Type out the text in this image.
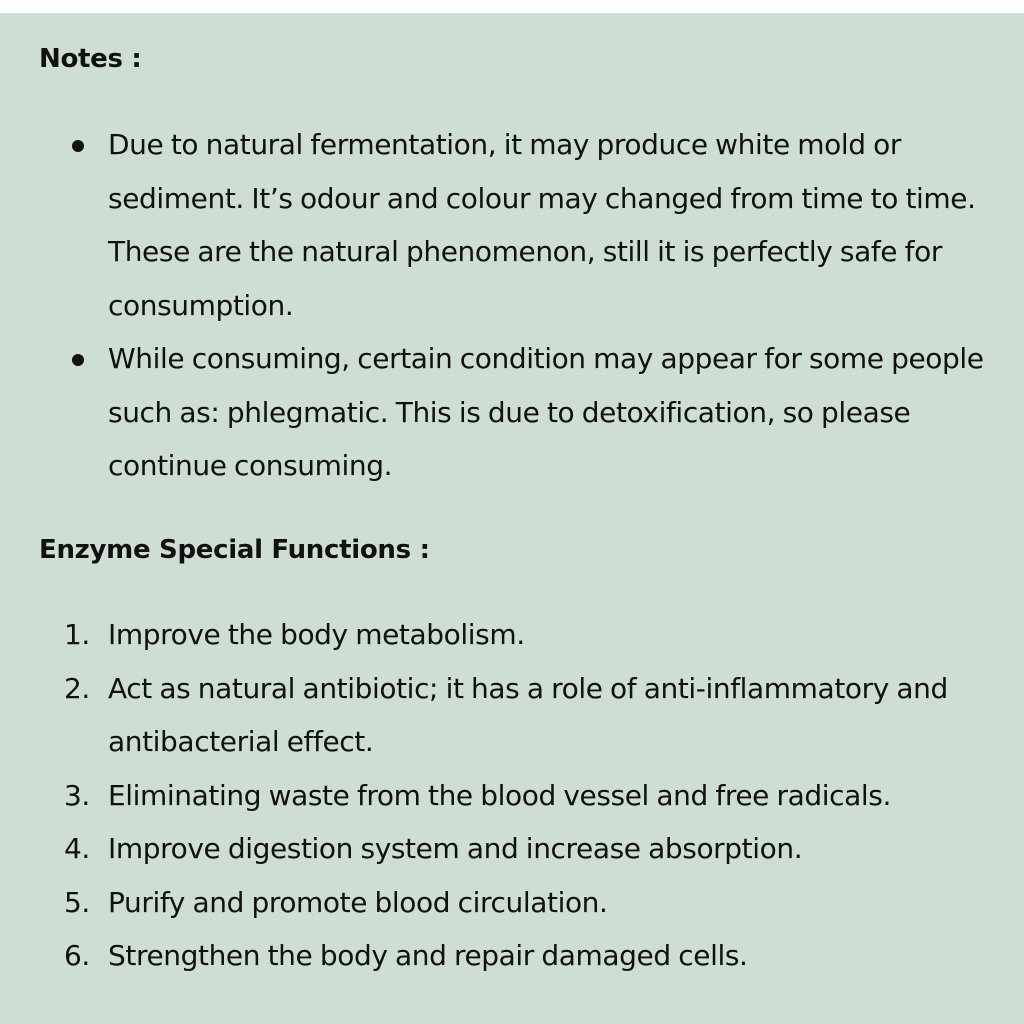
Notes :
Due to natural fermentation, it may produce white mold or sediment. It’s odour and colour may changed from time to time. These are the natural phenomenon, still it is perfectly safe for consumption.
While consuming, certain condition may appear for some people such as: phlegmatic. This is due to detoxification, so please continue consuming.
Enzyme Special Functions :
1. Improve the body metabolism.
2. Act as natural antibiotic; it has a role of anti-inflammatory and antibacterial effect.
3. Eliminating waste from the blood vessel and free radicals.
4. Improve digestion system and increase absorption.
5. Purify and promote blood circulation.
6. Strengthen the body and repair damaged cells.
